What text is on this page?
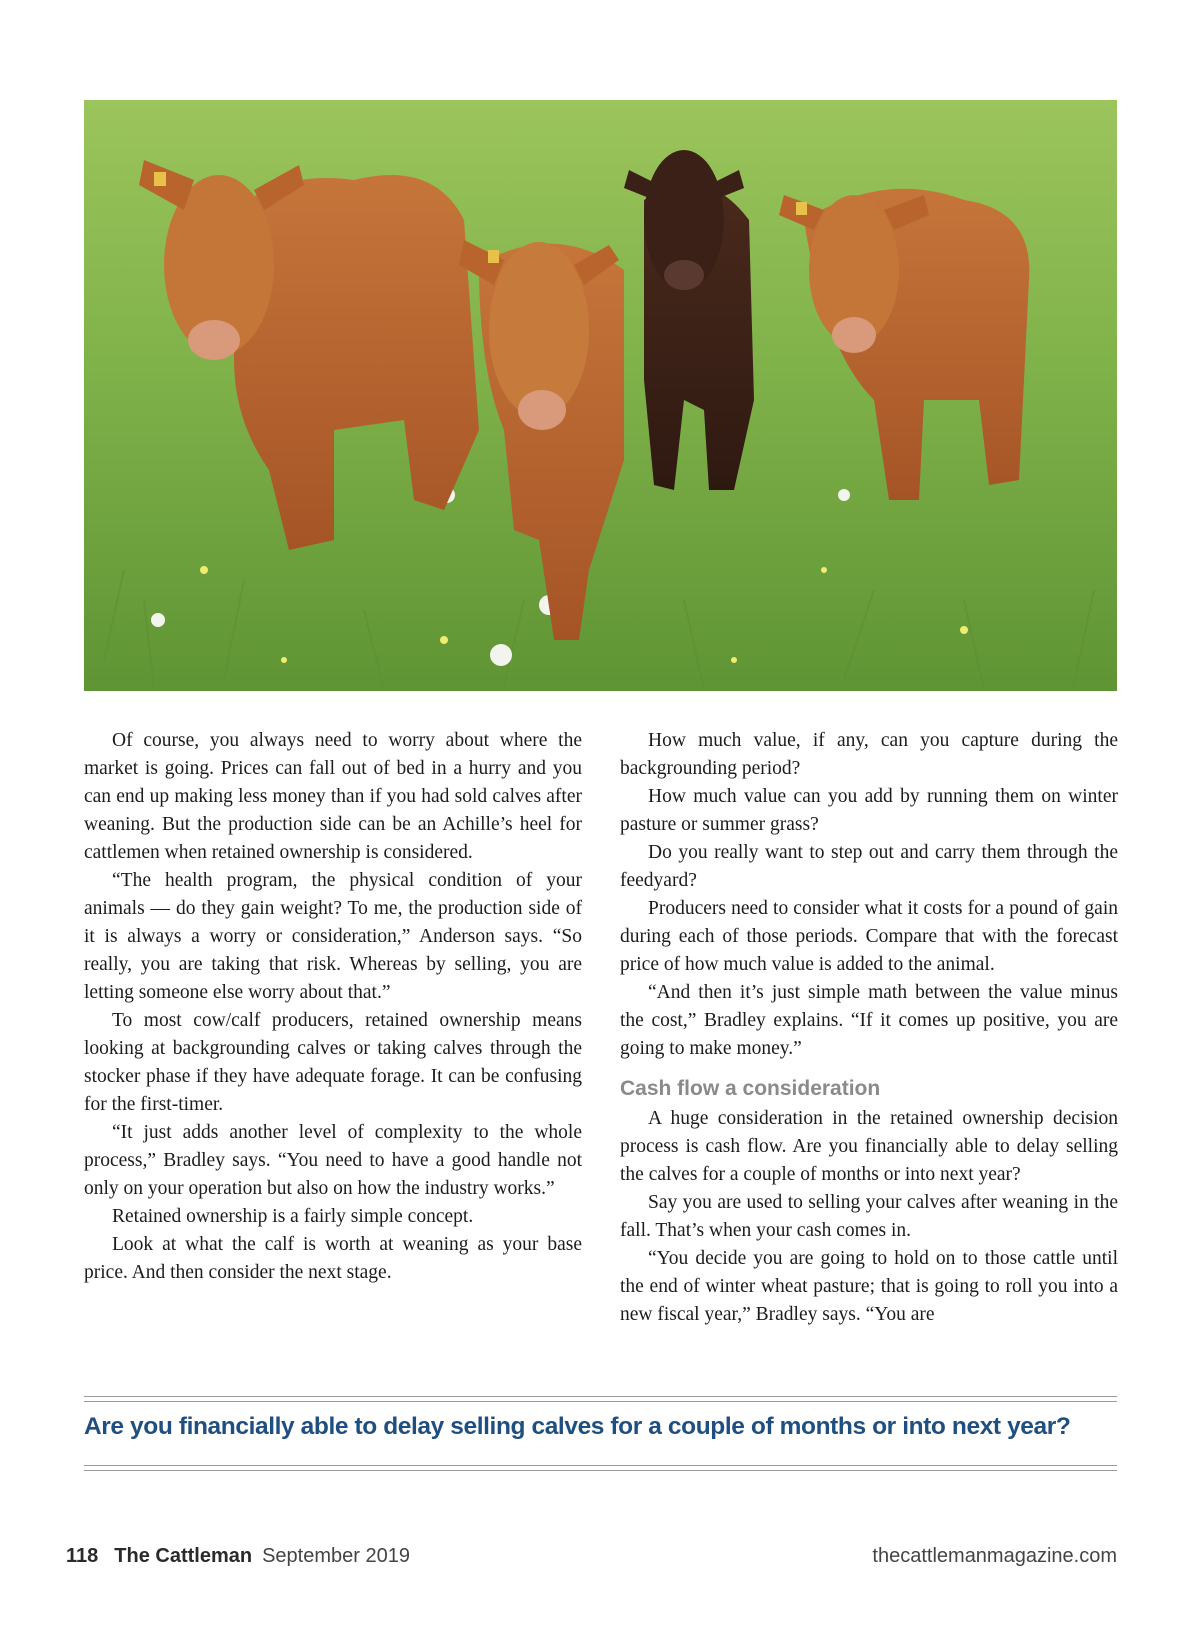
Of course, you always need to worry about where the market is going. Prices can fall out of bed in a hurry and you can end up making less money than if you had sold calves after weaning. But the production side can be an Achille’s heel for cattlemen when retained ownership is considered.

“The health program, the physical condition of your animals — do they gain weight? To me, the production side of it is always a worry or consideration,” Anderson says. “So really, you are taking that risk. Whereas by selling, you are letting someone else worry about that.”

To most cow/calf producers, retained ownership means looking at backgrounding calves or taking calves through the stocker phase if they have adequate forage. It can be confusing for the first-timer.

“It just adds another level of complexity to the whole process,” Bradley says. “You need to have a good handle not only on your operation but also on how the industry works.”

Retained ownership is a fairly simple concept.

Look at what the calf is worth at weaning as your base price. And then consider the next stage.

How much value, if any, can you capture during the backgrounding period?

How much value can you add by running them on winter pasture or summer grass?

Do you really want to step out and carry them through the feedyard?

Producers need to consider what it costs for a pound of gain during each of those periods. Compare that with the forecast price of how much value is added to the animal.

“And then it’s just simple math between the value minus the cost,” Bradley explains. “If it comes up positive, you are going to make money.”

Cash flow a consideration

A huge consideration in the retained ownership decision process is cash flow. Are you financially able to delay selling the calves for a couple of months or into next year?

Say you are used to selling your calves after weaning in the fall. That’s when your cash comes in.

“You decide you are going to hold on to those cattle until the end of winter wheat pasture; that is going to roll you into a new fiscal year,” Bradley says. “You are

Are you financially able to delay selling calves for a couple of months or into next year?
118 The Cattleman September 2019	thecattlemanmagazine.com
